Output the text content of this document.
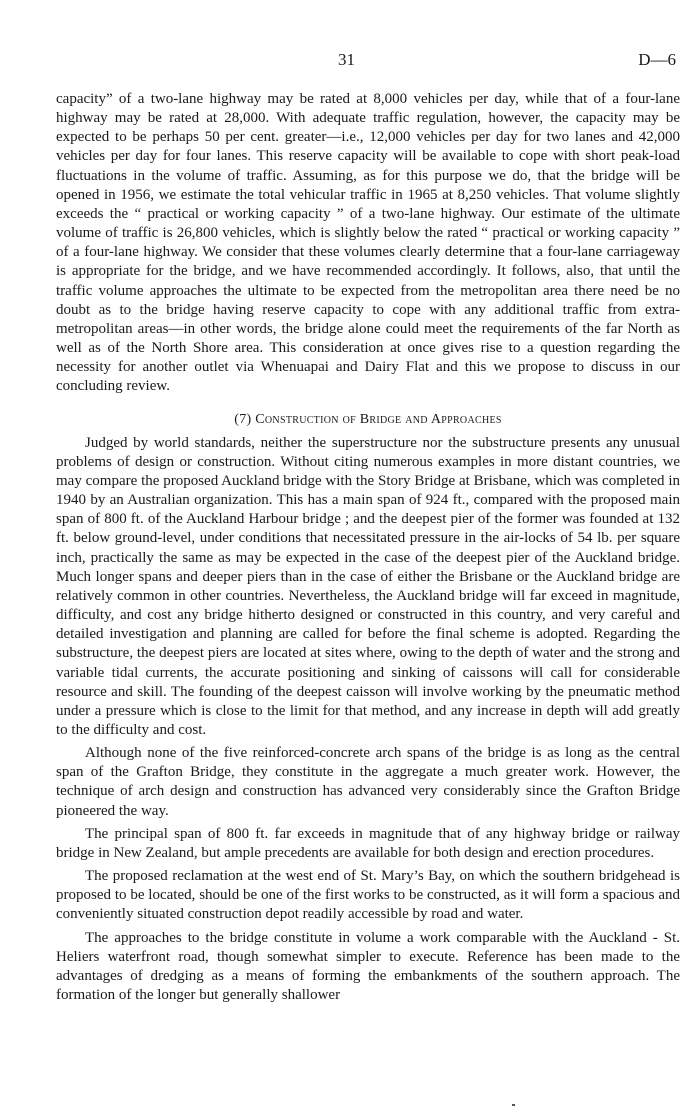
31	D—6

capacity” of a two-lane highway may be rated at 8,000 vehicles per day, while that of a four-lane highway may be rated at 28,000. With adequate traffic regulation, however, the capacity may be expected to be perhaps 50 per cent. greater—i.e., 12,000 vehicles per day for two lanes and 42,000 vehicles per day for four lanes. This reserve capacity will be available to cope with short peak-load fluctuations in the volume of traffic. Assuming, as for this purpose we do, that the bridge will be opened in 1956, we estimate the total vehicular traffic in 1965 at 8,250 vehicles. That volume slightly exceeds the “ practical or working capacity ” of a two-lane highway. Our estimate of the ultimate volume of traffic is 26,800 vehicles, which is slightly below the rated “ practical or working capacity ” of a four-lane highway. We consider that these volumes clearly determine that a four-lane carriageway is appropriate for the bridge, and we have recommended accordingly. It follows, also, that until the traffic volume approaches the ultimate to be expected from the metropolitan area there need be no doubt as to the bridge having reserve capacity to cope with any additional traffic from extra-metropolitan areas—in other words, the bridge alone could meet the requirements of the far North as well as of the North Shore area. This consideration at once gives rise to a question regarding the necessity for another outlet via Whenuapai and Dairy Flat and this we propose to discuss in our concluding review.

(7) Construction of Bridge and Approaches

Judged by world standards, neither the superstructure nor the substructure presents any unusual problems of design or construction. Without citing numerous examples in more distant countries, we may compare the proposed Auckland bridge with the Story Bridge at Brisbane, which was completed in 1940 by an Australian organization. This has a main span of 924 ft., compared with the proposed main span of 800 ft. of the Auckland Harbour bridge ; and the deepest pier of the former was founded at 132 ft. below ground-level, under conditions that necessitated pressure in the air-locks of 54 lb. per square inch, practically the same as may be expected in the case of the deepest pier of the Auckland bridge. Much longer spans and deeper piers than in the case of either the Brisbane or the Auckland bridge are relatively common in other countries. Nevertheless, the Auckland bridge will far exceed in magnitude, difficulty, and cost any bridge hitherto designed or constructed in this country, and very careful and detailed investigation and planning are called for before the final scheme is adopted. Regarding the substructure, the deepest piers are located at sites where, owing to the depth of water and the strong and variable tidal currents, the accurate positioning and sinking of caissons will call for considerable resource and skill. The founding of the deepest caisson will involve working by the pneumatic method under a pressure which is close to the limit for that method, and any increase in depth will add greatly to the difficulty and cost.

Although none of the five reinforced-concrete arch spans of the bridge is as long as the central span of the Grafton Bridge, they constitute in the aggregate a much greater work. However, the technique of arch design and construction has advanced very considerably since the Grafton Bridge pioneered the way.

The principal span of 800 ft. far exceeds in magnitude that of any highway bridge or railway bridge in New Zealand, but ample precedents are available for both design and erection procedures.

The proposed reclamation at the west end of St. Mary’s Bay, on which the southern bridgehead is proposed to be located, should be one of the first works to be constructed, as it will form a spacious and conveniently situated construction depot readily accessible by road and water.

The approaches to the bridge constitute in volume a work comparable with the Auckland - St. Heliers waterfront road, though somewhat simpler to execute. Reference has been made to the advantages of dredging as a means of forming the embankments of the southern approach. The formation of the longer but generally shallower
